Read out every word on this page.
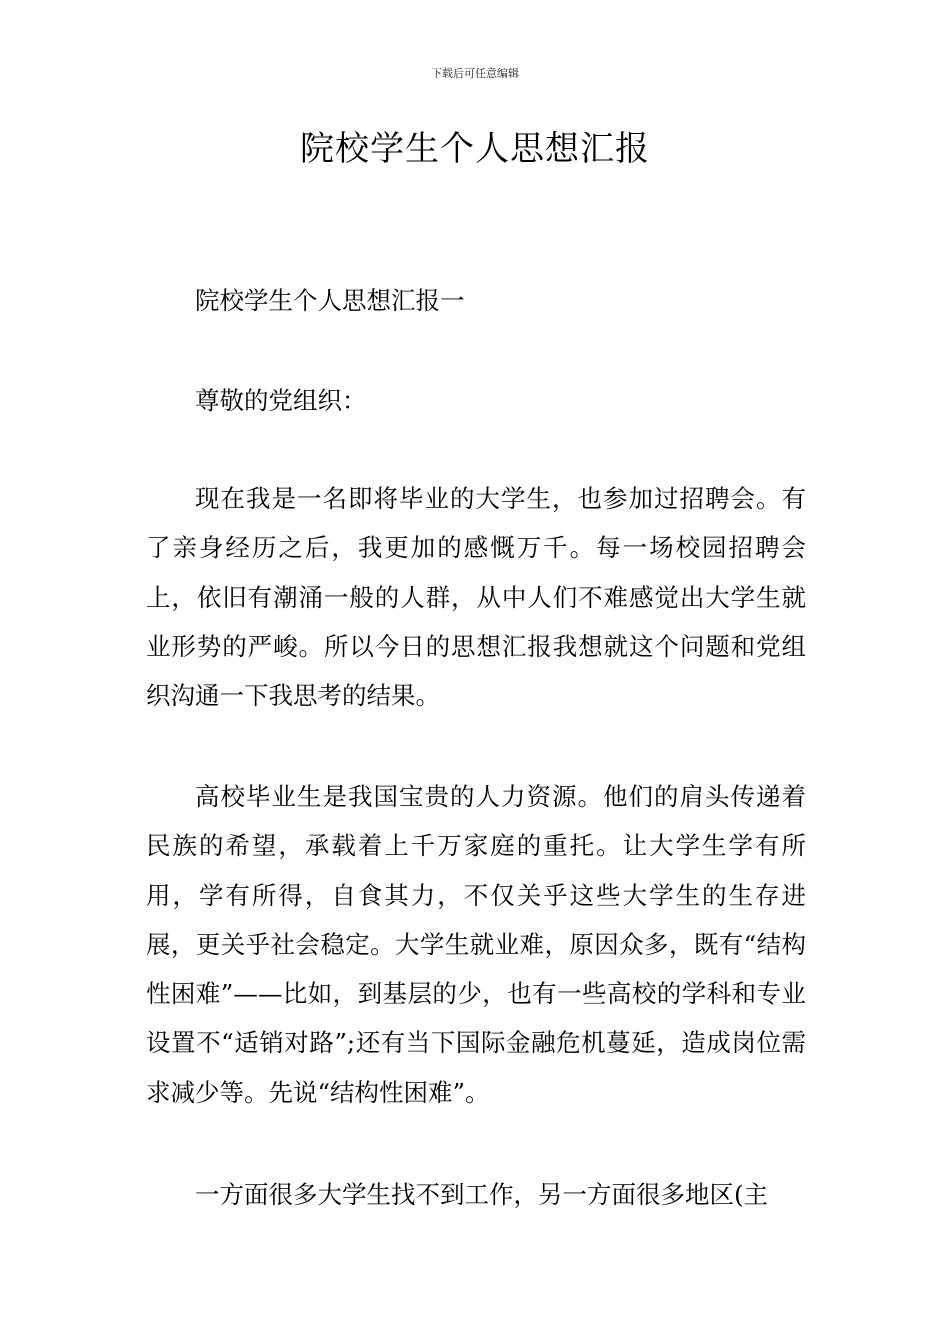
下载后可任意编辑
院校学生个人思想汇报

院校学生个人思想汇报一

尊敬的党组织：

现在我是一名即将毕业的大学生，也参加过招聘会。有了亲身经历之后，我更加的感慨万千。每一场校园招聘会上，依旧有潮涌一般的人群，从中人们不难感觉出大学生就业形势的严峻。所以今日的思想汇报我想就这个问题和党组织沟通一下我思考的结果。

高校毕业生是我国宝贵的人力资源。他们的肩头传递着民族的希望，承载着上千万家庭的重托。让大学生学有所用，学有所得，自食其力，不仅关乎这些大学生的生存进展，更关乎社会稳定。大学生就业难，原因众多，既有“结构性困难”——比如，到基层的少，也有一些高校的学科和专业设置不“适销对路”;还有当下国际金融危机蔓延，造成岗位需求减少等。先说“结构性困难”。

一方面很多大学生找不到工作，另一方面很多地区(主
